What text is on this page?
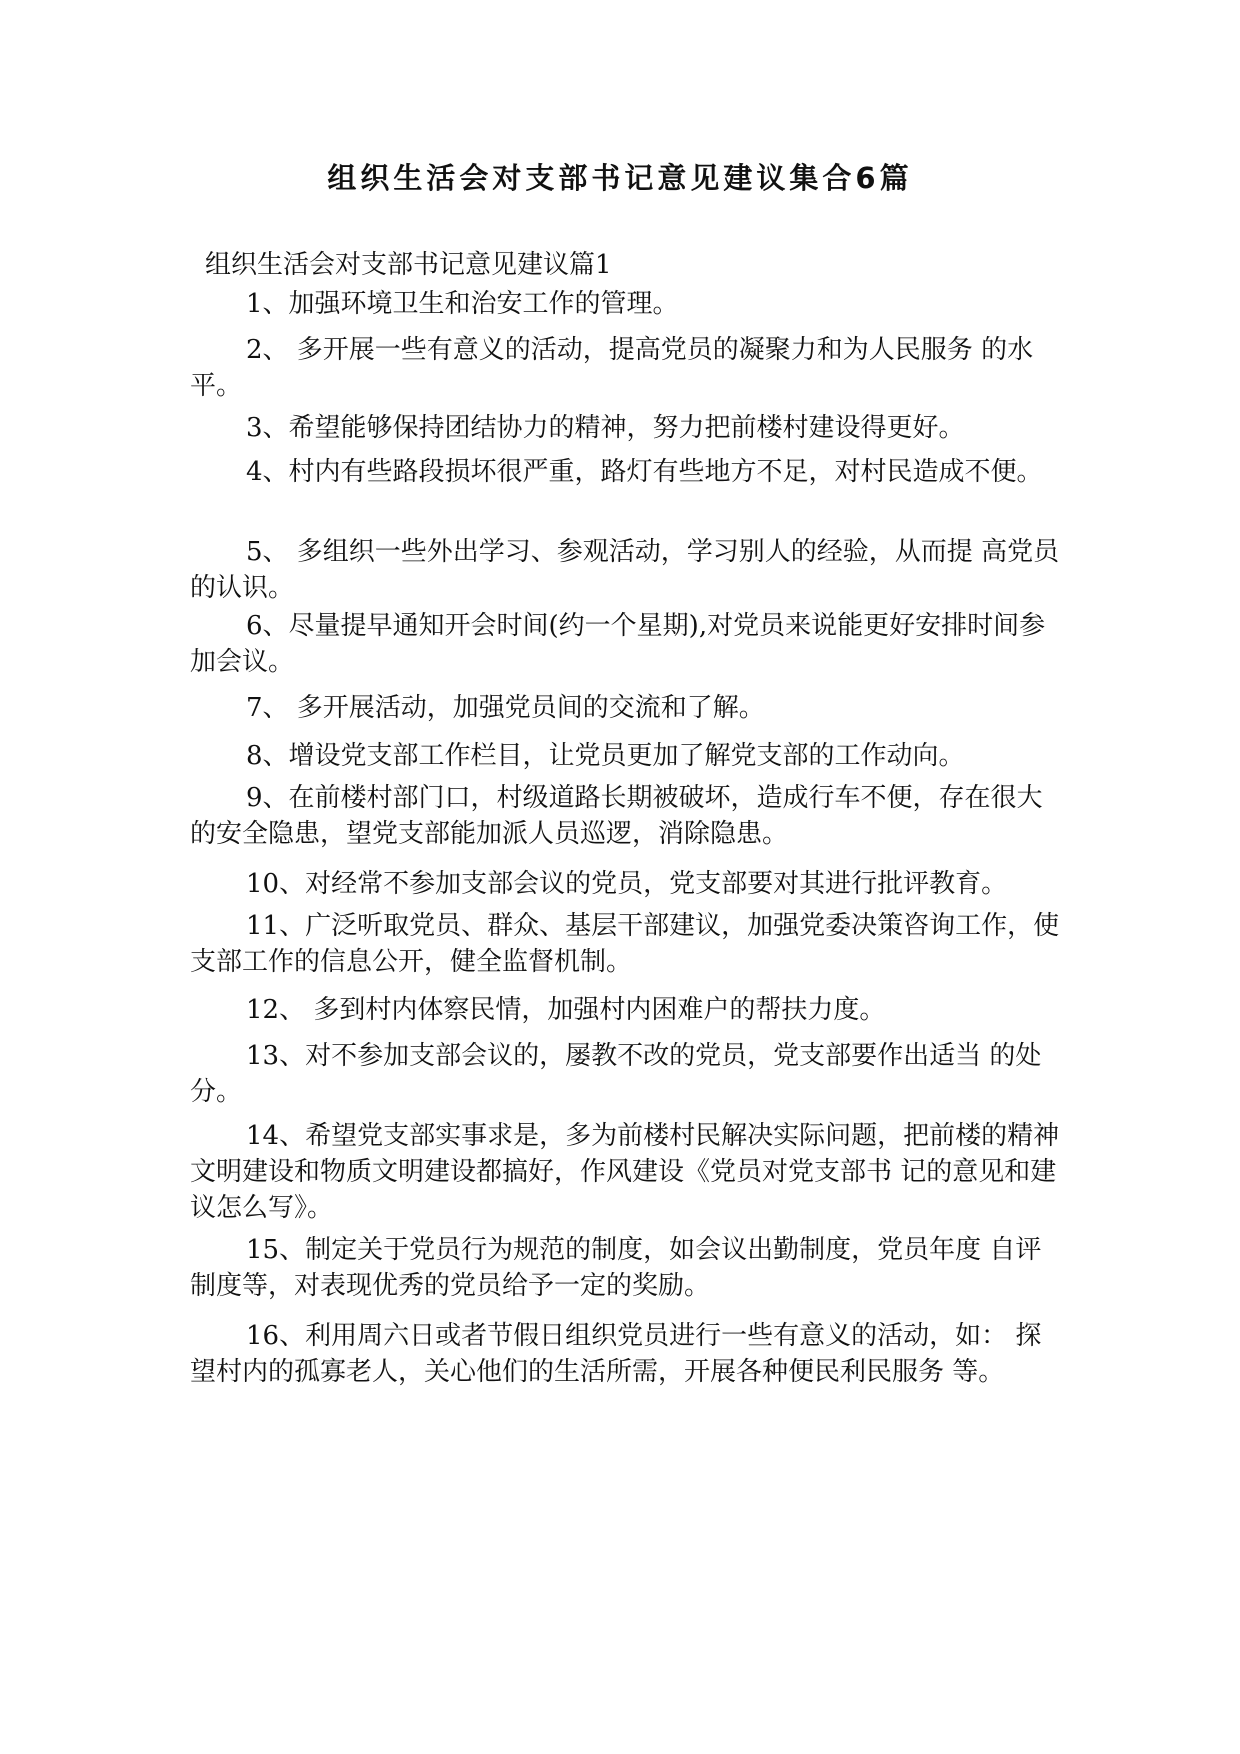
组织生活会对支部书记意见建议集合6篇

组织生活会对支部书记意见建议篇1

1、加强环境卫生和治安工作的管理。

2、 多开展一些有意义的活动，提高党员的凝聚力和为人民服务 的水平。

3、希望能够保持团结协力的精神，努力把前楼村建设得更好。

4、村内有些路段损坏很严重，路灯有些地方不足，对村民造成不便。

5、 多组织一些外出学习、参观活动，学习别人的经验，从而提 高党员的认识。

6、尽量提早通知开会时间(约一个星期),对党员来说能更好安排时间参加会议。

7、 多开展活动，加强党员间的交流和了解。

8、增设党支部工作栏目，让党员更加了解党支部的工作动向。

9、在前楼村部门口，村级道路长期被破坏，造成行车不便，存在很大的安全隐患，望党支部能加派人员巡逻，消除隐患。

10、对经常不参加支部会议的党员，党支部要对其进行批评教育。

11、广泛听取党员、群众、基层干部建议，加强党委决策咨询工作，使支部工作的信息公开，健全监督机制。

12、 多到村内体察民情，加强村内困难户的帮扶力度。

13、对不参加支部会议的，屡教不改的党员，党支部要作出适当 的处分。

14、希望党支部实事求是，多为前楼村民解决实际问题，把前楼的精神文明建设和物质文明建设都搞好，作风建设《党员对党支部书 记的意见和建议怎么写》。

15、制定关于党员行为规范的制度，如会议出勤制度，党员年度 自评制度等，对表现优秀的党员给予一定的奖励。

16、利用周六日或者节假日组织党员进行一些有意义的活动，如： 探望村内的孤寡老人，关心他们的生活所需，开展各种便民利民服务 等。
